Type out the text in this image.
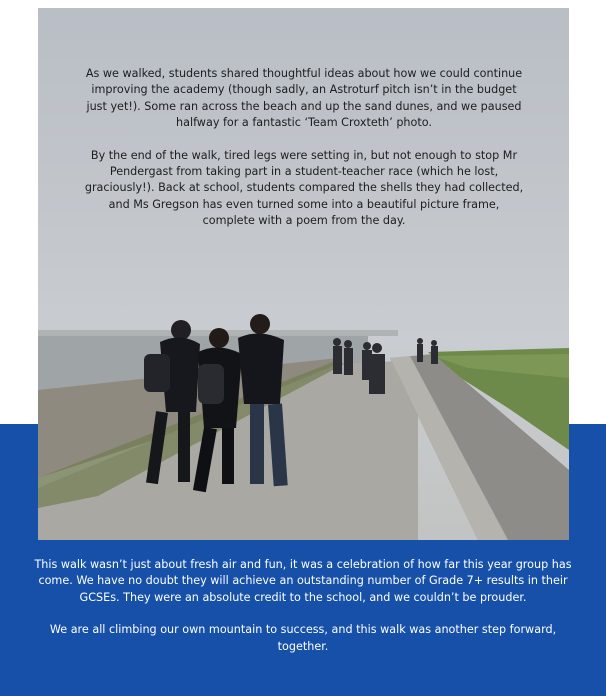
As we walked, students shared thoughtful ideas about how we could continue improving the academy (though sadly, an Astroturf pitch isn’t in the budget just yet!). Some ran across the beach and up the sand dunes, and we paused halfway for a fantastic ‘Team Croxteth’ photo.

By the end of the walk, tired legs were setting in, but not enough to stop Mr Pendergast from taking part in a student-teacher race (which he lost, graciously!). Back at school, students compared the shells they had collected, and Ms Gregson has even turned some into a beautiful picture frame, complete with a poem from the day.

This walk wasn’t just about fresh air and fun, it was a celebration of how far this year group has come. We have no doubt they will achieve an outstanding number of Grade 7+ results in their GCSEs. They were an absolute credit to the school, and we couldn’t be prouder.

We are all climbing our own mountain to success, and this walk was another step forward, together.
